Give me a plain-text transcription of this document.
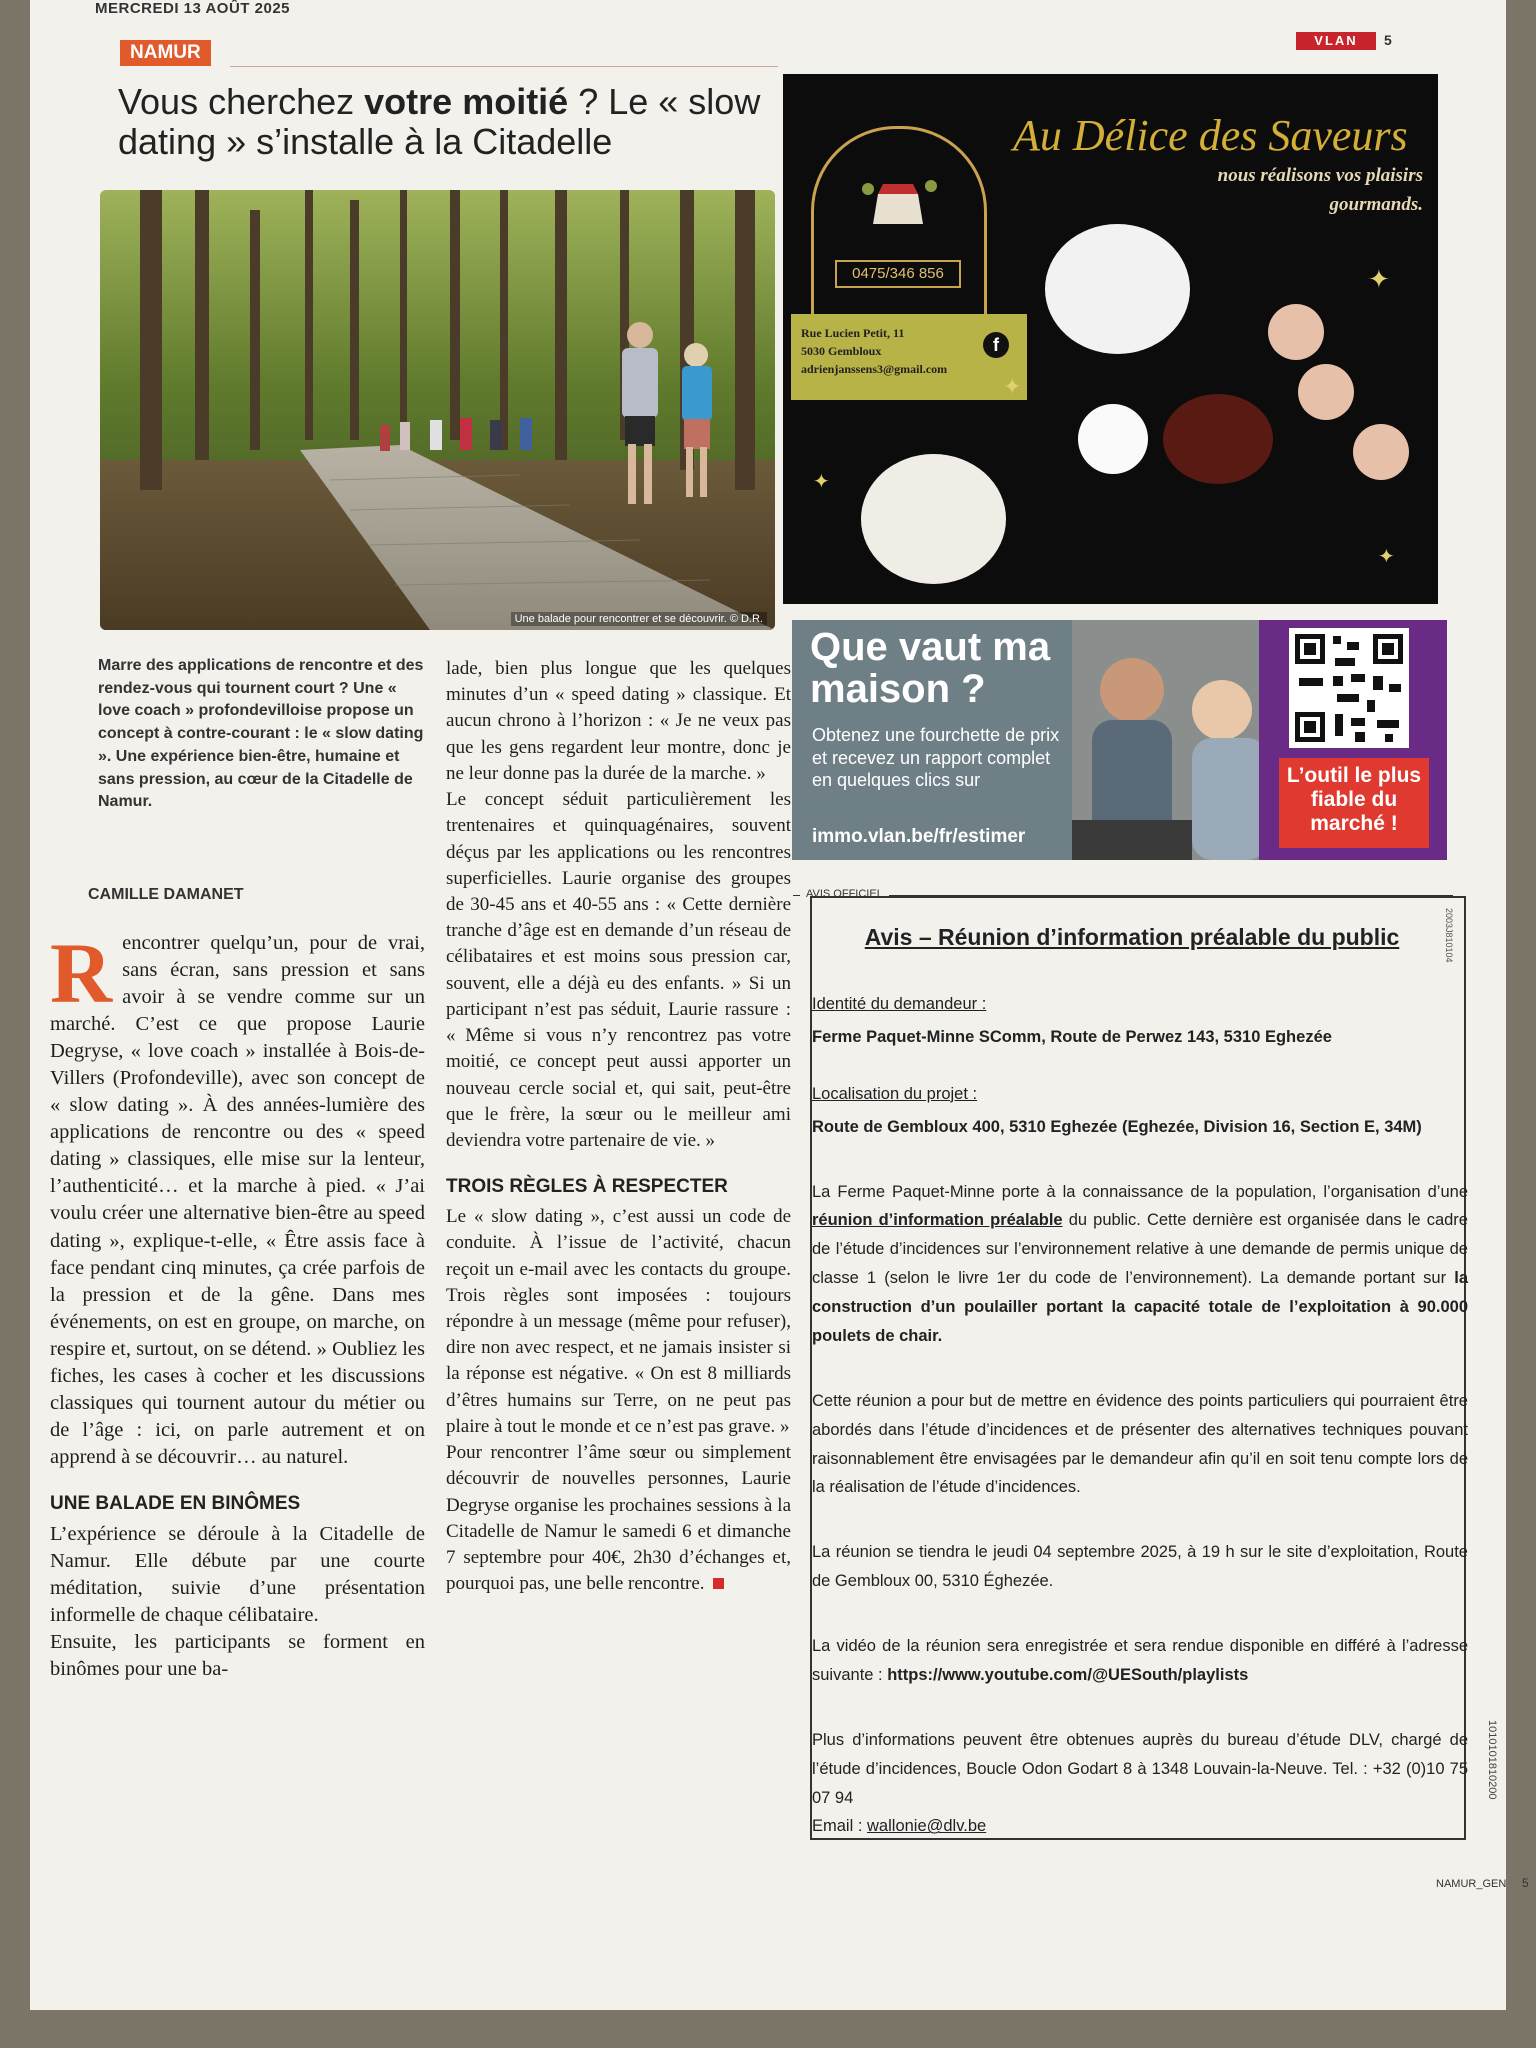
MERCREDI 13 AOÛT 2025
VLAN	5
NAMUR
Vous cherchez votre moitié ? Le « slow dating » s’installe à la Citadelle
Une balade pour rencontrer et se découvrir. © D.R.
Marre des applications de rencontre et des rendez-vous qui tournent court ? Une « love coach » profondevilloise propose un concept à contre-courant : le « slow dating ». Une expérience bien-être, humaine et sans pression, au cœur de la Citadelle de Namur.
CAMILLE DAMANET

Rencontrer quelqu’un, pour de vrai, sans écran, sans pression et sans avoir à se vendre comme sur un marché. C’est ce que propose Laurie Degryse, « love coach » installée à Bois-de-Villers (Profondeville), avec son concept de « slow dating ». À des années-lumière des applications de rencontre ou des « speed dating » classiques, elle mise sur la lenteur, l’authenticité… et la marche à pied. « J’ai voulu créer une alternative bien-être au speed dating », explique-t-elle, « Être assis face à face pendant cinq minutes, ça crée parfois de la pression et de la gêne. Dans mes événements, on est en groupe, on marche, on respire et, surtout, on se détend. » Oubliez les fiches, les cases à cocher et les discussions classiques qui tournent autour du métier ou de l’âge : ici, on parle autrement et on apprend à se découvrir… au naturel.

UNE BALADE EN BINÔMES

L’expérience se déroule à la Citadelle de Namur. Elle débute par une courte méditation, suivie d’une présentation informelle de chaque célibataire.

Ensuite, les participants se forment en binômes pour une ba-

lade, bien plus longue que les quelques minutes d’un « speed dating » classique. Et aucun chrono à l’horizon : « Je ne veux pas que les gens regardent leur montre, donc je ne leur donne pas la durée de la marche. »

Le concept séduit particulièrement les trentenaires et quinquagénaires, souvent déçus par les applications ou les rencontres superficielles. Laurie organise des groupes de 30-45 ans et 40-55 ans : « Cette dernière tranche d’âge est en demande d’un réseau de célibataires et est moins sous pression car, souvent, elle a déjà eu des enfants. » Si un participant n’est pas séduit, Laurie rassure : « Même si vous n’y rencontrez pas votre moitié, ce concept peut aussi apporter un nouveau cercle social et, qui sait, peut-être que le frère, la sœur ou le meilleur ami deviendra votre partenaire de vie. »

TROIS RÈGLES À RESPECTER

Le « slow dating », c’est aussi un code de conduite. À l’issue de l’activité, chacun reçoit un e-mail avec les contacts du groupe. Trois règles sont imposées : toujours répondre à un message (même pour refuser), dire non avec respect, et ne jamais insister si la réponse est négative. « On est 8 milliards d’êtres humains sur Terre, on ne peut pas plaire à tout le monde et ce n’est pas grave. »

Pour rencontrer l’âme sœur ou simplement découvrir de nouvelles personnes, Laurie Degryse organise les prochaines sessions à la Citadelle de Namur le samedi 6 et dimanche 7 septembre pour 40€, 2h30 d’échanges et, pourquoi pas, une belle rencontre.

0475/346 856
Au Délice des Saveurs
nous réalisons vos plaisirs gourmands.
Rue Lucien Petit, 11
5030 Gembloux
adrienjanssens3@gmail.com
f
✦
✦
✦
✦
Que vaut ma maison ?
Obtenez une fourchette de prix et recevez un rapport complet en quelques clics sur
immo.vlan.be/fr/estimer
L’outil le plus fiable du marché !
AVIS OFFICIEL
2003J810104
Avis – Réunion d’information préalable du public
Identité du demandeur :
Ferme Paquet-Minne SComm, Route de Perwez 143, 5310 Eghezée
Localisation du projet :
Route de Gembloux 400, 5310 Eghezée (Eghezée, Division 16, Section E, 34M)

La Ferme Paquet-Minne porte à la connaissance de la population, l’organisation d’une réunion d’information préalable du public. Cette dernière est organisée dans le cadre de l’étude d’incidences sur l’environnement relative à une demande de permis unique de classe 1 (selon le livre 1er du code de l’environnement). La demande portant sur la construction d’un poulailler portant la capacité totale de l’exploitation à 90.000 poulets de chair.

Cette réunion a pour but de mettre en évidence des points particuliers qui pourraient être abordés dans l’étude d’incidences et de présenter des alternatives techniques pouvant raisonnablement être envisagées par le demandeur afin qu’il en soit tenu compte lors de la réalisation de l’étude d’incidences.

La réunion se tiendra le jeudi 04 septembre 2025, à 19 h sur le site d’exploitation, Route de Gembloux 00, 5310 Éghezée.

La vidéo de la réunion sera enregistrée et sera rendue disponible en différé à l’adresse suivante : https://www.youtube.com/@UESouth/playlists

Plus d’informations peuvent être obtenues auprès du bureau d’étude DLV, chargé de l’étude d’incidences, Boucle Odon Godart 8 à 1348 Louvain-la-Neuve. Tel. : +32 (0)10 75 07 94

Email : wallonie@dlv.be

1010101810200
NAMUR_GEN 5
